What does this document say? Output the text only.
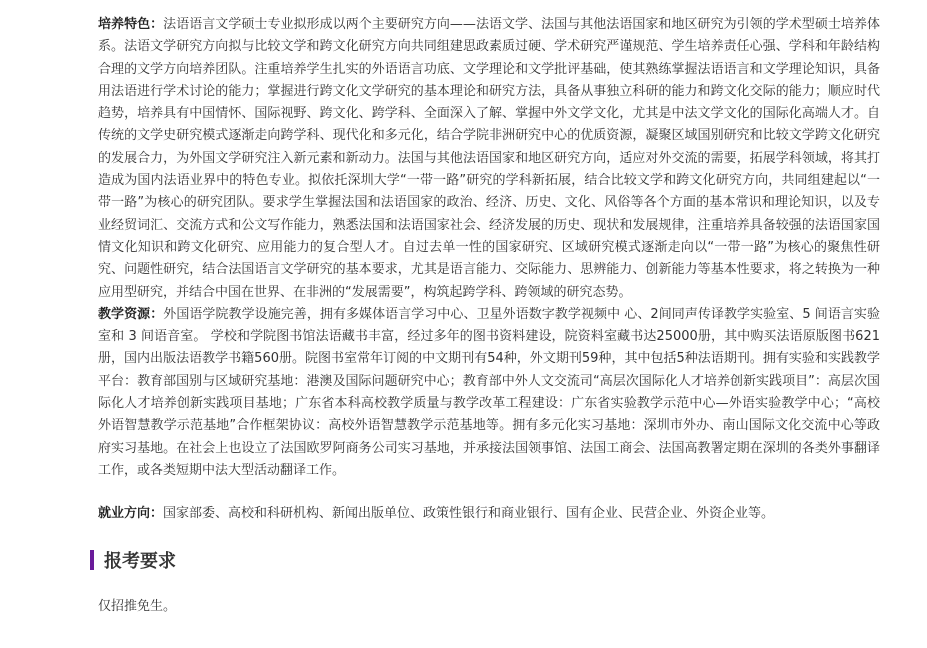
培养特色：法语语言文学硕士专业拟形成以两个主要研究方向——法语文学、法国与其他法语国家和地区研究为引领的学术型硕士培养体系。法语文学研究方向拟与比较文学和跨文化研究方向共同组建思政素质过硬、学术研究严谨规范、学生培养责任心强、学科和年龄结构合理的文学方向培养团队。注重培养学生扎实的外语语言功底、文学理论和文学批评基础，使其熟练掌握法语语言和文学理论知识，具备用法语进行学术讨论的能力；掌握进行跨文化文学研究的基本理论和研究方法，具备从事独立科研的能力和跨文化交际的能力；顺应时代趋势，培养具有中国情怀、国际视野、跨文化、跨学科、全面深入了解、掌握中外文学文化，尤其是中法文学文化的国际化高端人才。自传统的文学史研究模式逐渐走向跨学科、现代化和多元化，结合学院非洲研究中心的优质资源，凝聚区域国别研究和比较文学跨文化研究的发展合力，为外国文学研究注入新元素和新动力。法国与其他法语国家和地区研究方向，适应对外交流的需要，拓展学科领域，将其打造成为国内法语业界中的特色专业。拟依托深圳大学“一带一路”研究的学科新拓展，结合比较文学和跨文化研究方向，共同组建起以“一带一路”为核心的研究团队。要求学生掌握法国和法语国家的政治、经济、历史、文化、风俗等各个方面的基本常识和理论知识，以及专业经贸词汇、交流方式和公文写作能力，熟悉法国和法语国家社会、经济发展的历史、现状和发展规律，注重培养具备较强的法语国家国情文化知识和跨文化研究、应用能力的复合型人才。自过去单一性的国家研究、区域研究模式逐渐走向以“一带一路”为核心的聚焦性研究、问题性研究，结合法国语言文学研究的基本要求，尤其是语言能力、交际能力、思辨能力、创新能力等基本性要求，将之转换为一种应用型研究，并结合中国在世界、在非洲的“发展需要”，构筑起跨学科、跨领域的研究态势。

教学资源：外国语学院教学设施完善，拥有多媒体语言学习中心、卫星外语数字教学视频中 心、2间同声传译教学实验室、5 间语言实验室和 3 间语音室。 学校和学院图书馆法语藏书丰富，经过多年的图书资料建设，院资料室藏书达25000册，其中购买法语原版图书621 册，国内出版法语教学书籍560册。院图书室常年订阅的中文期刊有54种，外文期刊59种，其中包括5种法语期刊。拥有实验和实践教学平台：教育部国别与区域研究基地：港澳及国际问题研究中心；教育部中外人文交流司“高层次国际化人才培养创新实践项目”：高层次国际化人才培养创新实践项目基地；广东省本科高校教学质量与教学改革工程建设：广东省实验教学示范中心—外语实验教学中心；“高校外语智慧教学示范基地”合作框架协议：高校外语智慧教学示范基地等。拥有多元化实习基地：深圳市外办、南山国际文化交流中心等政府实习基地。在社会上也设立了法国欧罗阿商务公司实习基地，并承接法国领事馆、法国工商会、法国高教署定期在深圳的各类外事翻译工作，或各类短期中法大型活动翻译工作。

就业方向：国家部委、高校和科研机构、新闻出版单位、政策性银行和商业银行、国有企业、民营企业、外资企业等。

报考要求
仅招推免生。
